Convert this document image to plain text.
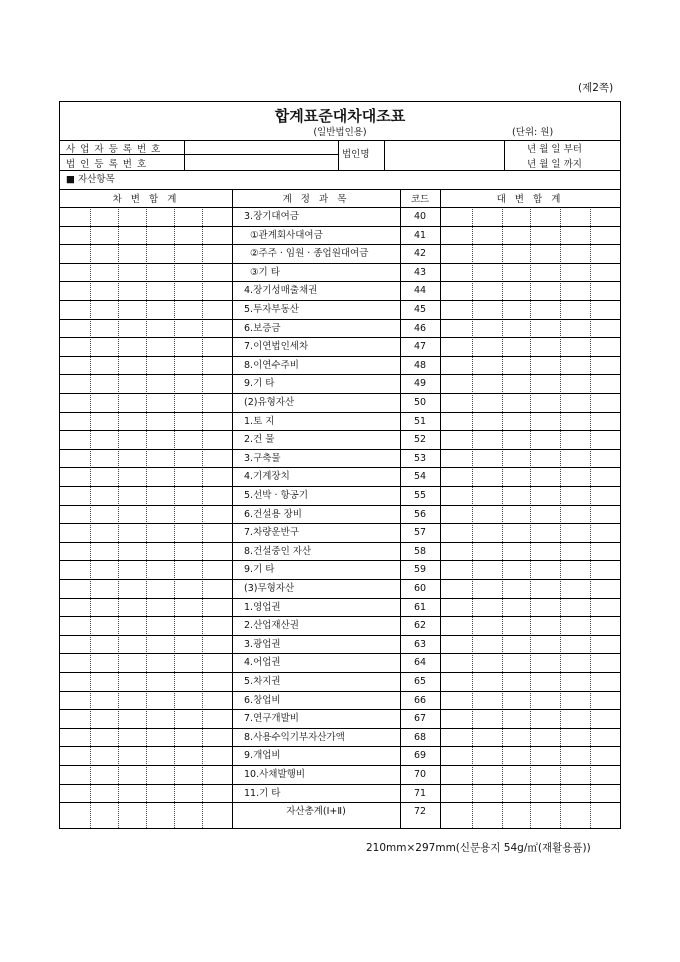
(제2쪽)
합계표준대차대조표
(일반법인용)	(단위: 원)
사 업 자 등 록 번 호
법 인 등 록 번 호
법인명	년 월 일 부터
년 월 일 까지
■ 자산항목
차 변 합 계	계 정 과 목	코드	대 변 합 계
3.장기대여금	40
①관계회사대여금	41
②주주 · 임원 · 종업원대여금	42
③기 타	43
4.장기성매출채권	44
5.투자부동산	45
6.보증금	46
7.이연법인세차	47
8.이연수주비	48
9.기 타	49
(2)유형자산	50
1.토 지	51
2.건 물	52
3.구축물	53
4.기계장치	54
5.선박 · 항공기	55
6.건설용 장비	56
7.차량운반구	57
8.건설중인 자산	58
9.기 타	59
(3)무형자산	60
1.영업권	61
2.산업재산권	62
3.광업권	63
4.어업권	64
5.차지권	65
6.창업비	66
7.연구개발비	67
8.사용수익기부자산가액	68
9.개업비	69
10.사채발행비	70
11.기 타	71
자산총계(Ⅰ+Ⅱ)	72
210mm×297mm(신문용지 54g/㎡(재활용품))
